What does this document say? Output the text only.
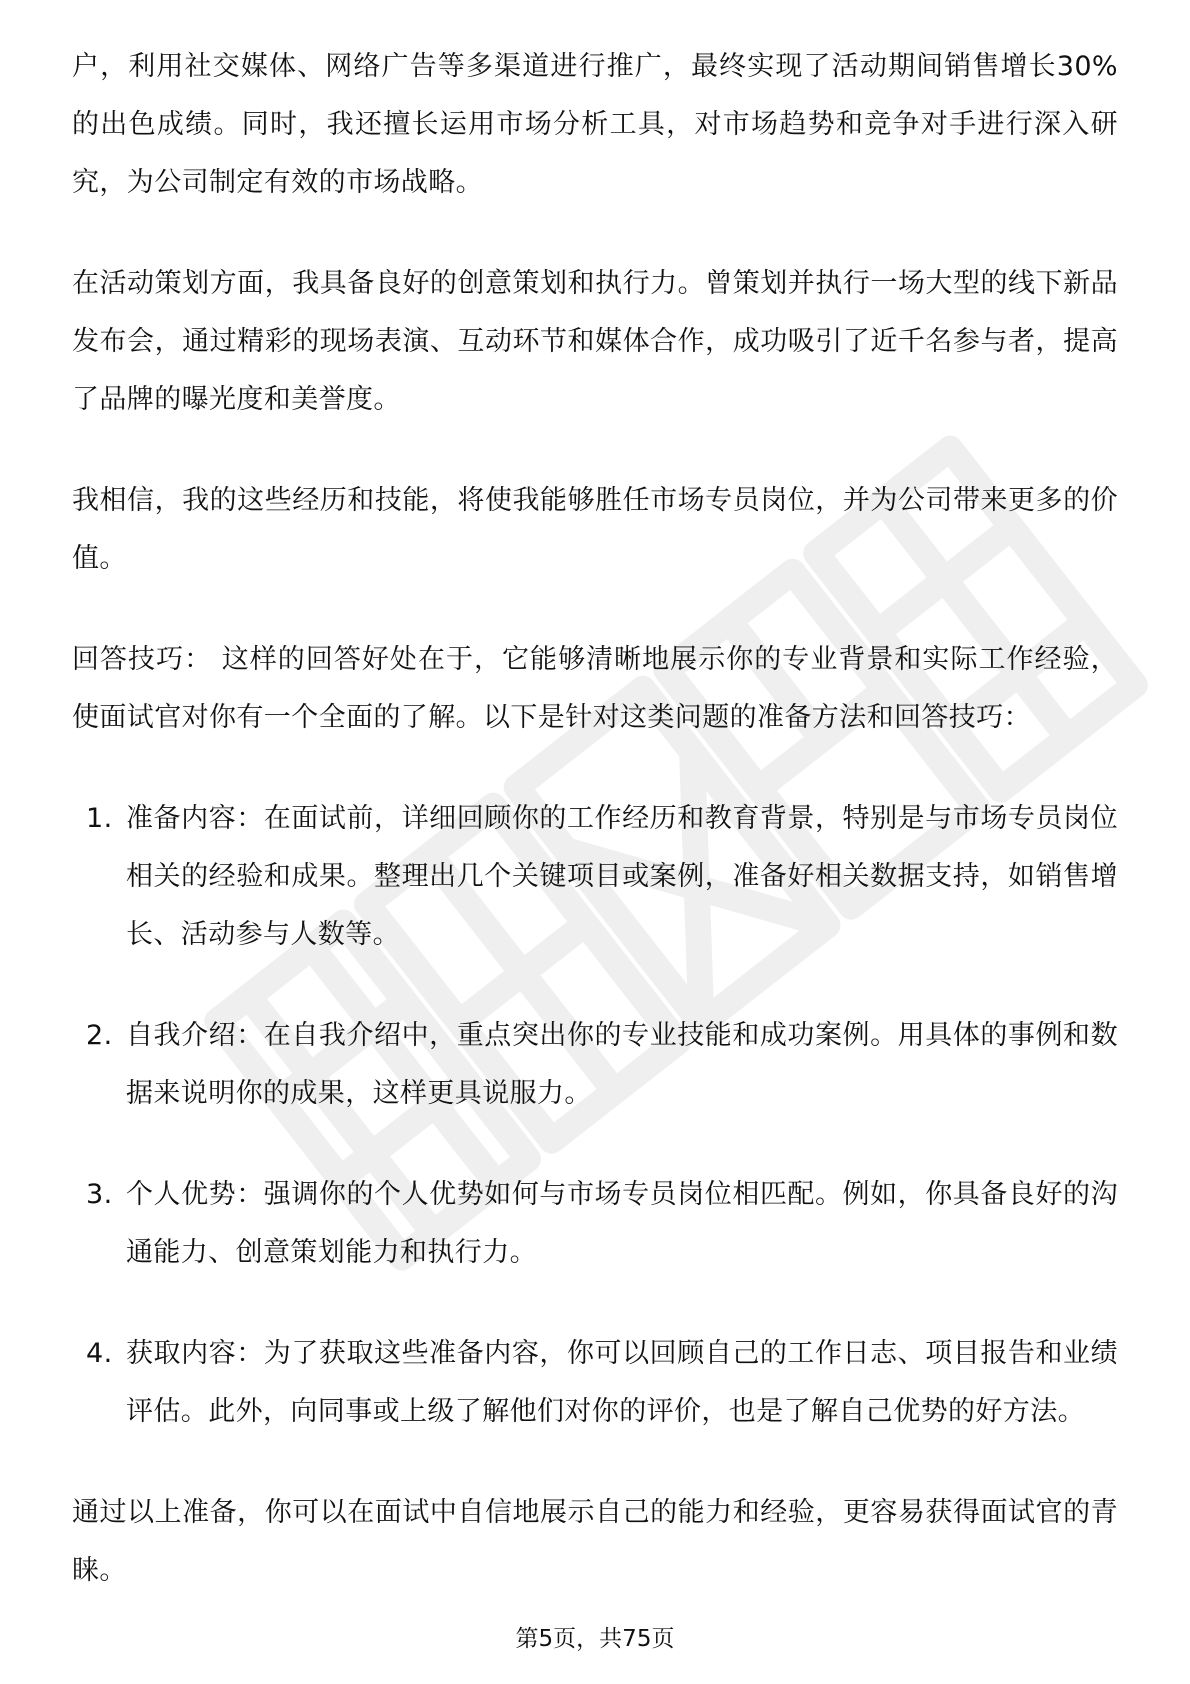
户，利用社交媒体、网络广告等多渠道进行推广，最终实现了活动期间销售增长30%的出色成绩。同时，我还擅长运用市场分析工具，对市场趋势和竞争对手进行深入研究，为公司制定有效的市场战略。

在活动策划方面，我具备良好的创意策划和执行力。曾策划并执行一场大型的线下新品发布会，通过精彩的现场表演、互动环节和媒体合作，成功吸引了近千名参与者，提高了品牌的曝光度和美誉度。

我相信，我的这些经历和技能，将使我能够胜任市场专员岗位，并为公司带来更多的价值。

回答技巧： 这样的回答好处在于，它能够清晰地展示你的专业背景和实际工作经验，使面试官对你有一个全面的了解。以下是针对这类问题的准备方法和回答技巧：

1. 准备内容：在面试前，详细回顾你的工作经历和教育背景，特别是与市场专员岗位相关的经验和成果。整理出几个关键项目或案例，准备好相关数据支持，如销售增长、活动参与人数等。
2. 自我介绍：在自我介绍中，重点突出你的专业技能和成功案例。用具体的事例和数据来说明你的成果，这样更具说服力。
3. 个人优势：强调你的个人优势如何与市场专员岗位相匹配。例如，你具备良好的沟通能力、创意策划能力和执行力。
4. 获取内容：为了获取这些准备内容，你可以回顾自己的工作日志、项目报告和业绩评估。此外，向同事或上级了解他们对你的评价，也是了解自己优势的好方法。

通过以上准备，你可以在面试中自信地展示自己的能力和经验，更容易获得面试官的青睐。

第5页，共75页
